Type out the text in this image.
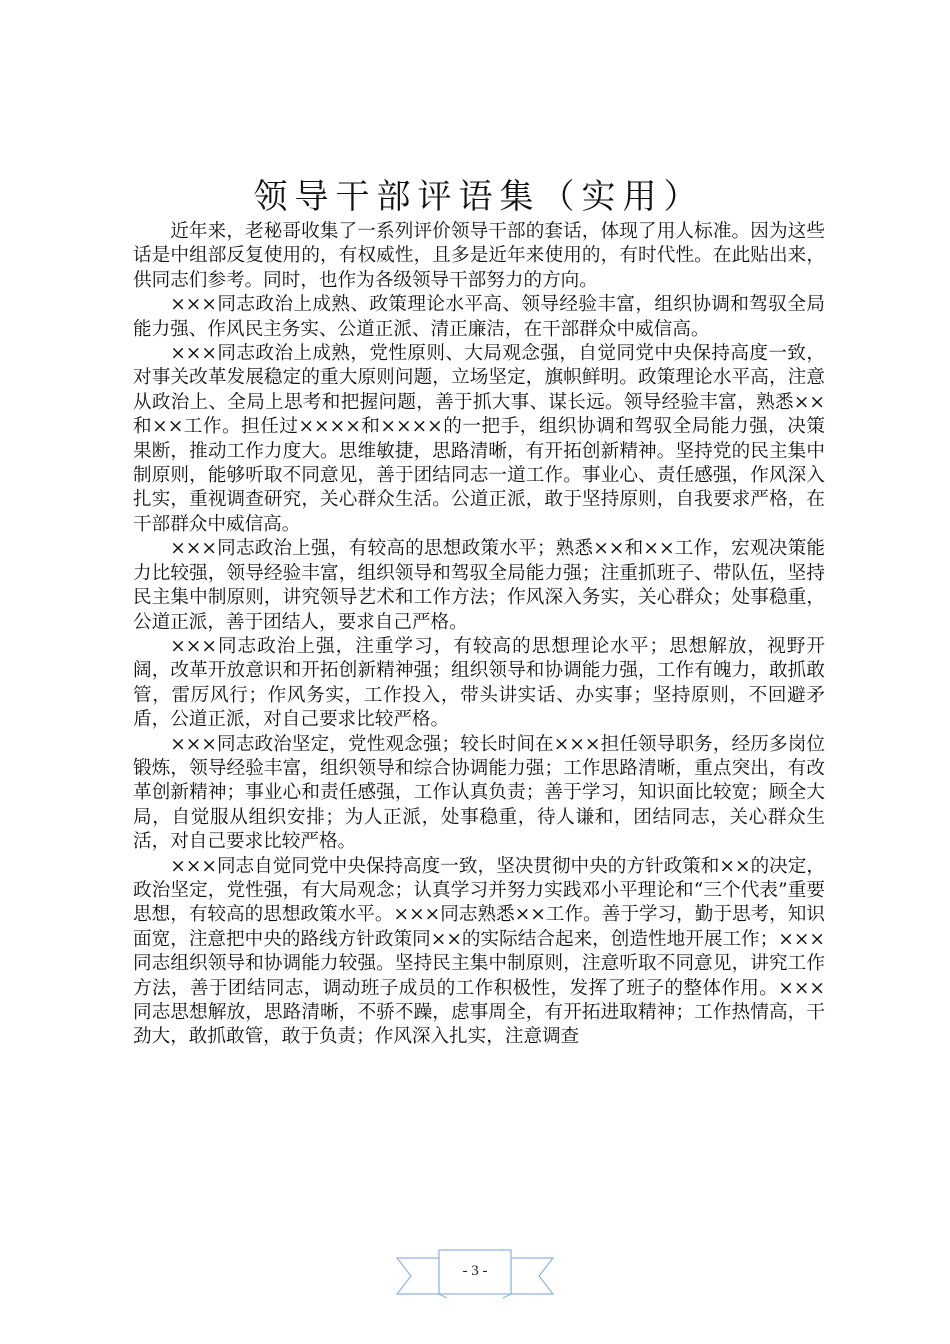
领导干部评语集（实用）

近年来，老秘哥收集了一系列评价领导干部的套话，体现了用人标准。因为这些话是中组部反复使用的，有权威性，且多是近年来使用的，有时代性。在此贴出来，供同志们参考。同时，也作为各级领导干部努力的方向。

×××同志政治上成熟、政策理论水平高、领导经验丰富，组织协调和驾驭全局能力强、作风民主务实、公道正派、清正廉洁，在干部群众中威信高。

×××同志政治上成熟，党性原则、大局观念强，自觉同党中央保持高度一致，对事关改革发展稳定的重大原则问题，立场坚定，旗帜鲜明。政策理论水平高，注意从政治上、全局上思考和把握问题，善于抓大事、谋长远。领导经验丰富，熟悉××和××工作。担任过××××和××××的一把手，组织协调和驾驭全局能力强，决策果断，推动工作力度大。思维敏捷，思路清晰，有开拓创新精神。坚持党的民主集中制原则，能够听取不同意见，善于团结同志一道工作。事业心、责任感强，作风深入扎实，重视调查研究，关心群众生活。公道正派，敢于坚持原则，自我要求严格，在干部群众中威信高。

×××同志政治上强，有较高的思想政策水平；熟悉××和××工作，宏观决策能力比较强，领导经验丰富，组织领导和驾驭全局能力强；注重抓班子、带队伍，坚持民主集中制原则，讲究领导艺术和工作方法；作风深入务实，关心群众；处事稳重，公道正派，善于团结人，要求自己严格。

×××同志政治上强，注重学习，有较高的思想理论水平；思想解放，视野开阔，改革开放意识和开拓创新精神强；组织领导和协调能力强，工作有魄力，敢抓敢管，雷厉风行；作风务实，工作投入，带头讲实话、办实事；坚持原则，不回避矛盾，公道正派，对自己要求比较严格。

×××同志政治坚定，党性观念强；较长时间在×××担任领导职务，经历多岗位锻炼，领导经验丰富，组织领导和综合协调能力强；工作思路清晰，重点突出，有改革创新精神；事业心和责任感强，工作认真负责；善于学习，知识面比较宽；顾全大局，自觉服从组织安排；为人正派，处事稳重，待人谦和，团结同志，关心群众生活，对自己要求比较严格。

×××同志自觉同党中央保持高度一致，坚决贯彻中央的方针政策和××的决定，政治坚定，党性强，有大局观念；认真学习并努力实践邓小平理论和“三个代表”重要思想，有较高的思想政策水平。×××同志熟悉××工作。善于学习，勤于思考，知识面宽，注意把中央的路线方针政策同××的实际结合起来，创造性地开展工作；×××同志组织领导和协调能力较强。坚持民主集中制原则，注意听取不同意见，讲究工作方法，善于团结同志，调动班子成员的工作积极性，发挥了班子的整体作用。×××同志思想解放，思路清晰，不骄不躁，虑事周全，有开拓进取精神；工作热情高，干劲大，敢抓敢管，敢于负责；作风深入扎实，注意调查

- 3 -
